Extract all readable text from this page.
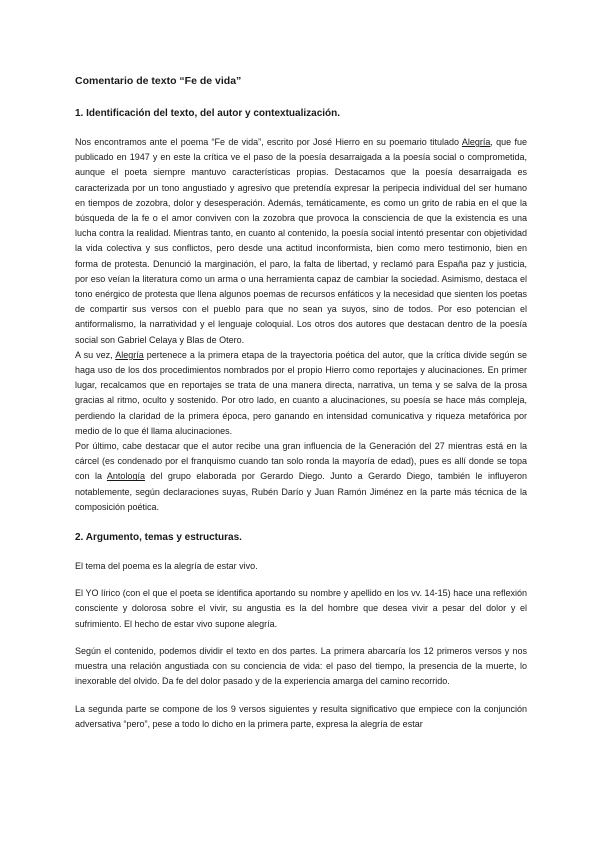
Comentario de texto “Fe de vida”
1. Identificación del texto, del autor y contextualización.

Nos encontramos ante el poema “Fe de vida”, escrito por José Hierro en su poemario titulado Alegría, que fue publicado en 1947 y en este la crítica ve el paso de la poesía desarraigada a la poesía social o comprometida, aunque el poeta siempre mantuvo características propias. Destacamos que la poesía desarraigada es caracterizada por un tono angustiado y agresivo que pretendía expresar la peripecia individual del ser humano en tiempos de zozobra, dolor y desesperación. Además, temáticamente, es como un grito de rabia en el que la búsqueda de la fe o el amor conviven con la zozobra que provoca la consciencia de que la existencia es una lucha contra la realidad. Mientras tanto, en cuanto al contenido, la poesía social intentó presentar con objetividad la vida colectiva y sus conflictos, pero desde una actitud inconformista, bien como mero testimonio, bien en forma de protesta. Denunció la marginación, el paro, la falta de libertad, y reclamó para España paz y justicia, por eso veían la literatura como un arma o una herramienta capaz de cambiar la sociedad. Asimismo, destaca el tono enérgico de protesta que llena algunos poemas de recursos enfáticos y la necesidad que sienten los poetas de compartir sus versos con el pueblo para que no sean ya suyos, sino de todos. Por eso potencian el antiformalismo, la narratividad y el lenguaje coloquial. Los otros dos autores que destacan dentro de la poesía social son Gabriel Celaya y Blas de Otero.

A su vez, Alegría pertenece a la primera etapa de la trayectoria poética del autor, que la crítica divide según se haga uso de los dos procedimientos nombrados por el propio Hierro como reportajes y alucinaciones. En primer lugar, recalcamos que en reportajes se trata de una manera directa, narrativa, un tema y se salva de la prosa gracias al ritmo, oculto y sostenido. Por otro lado, en cuanto a alucinaciones, su poesía se hace más compleja, perdiendo la claridad de la primera época, pero ganando en intensidad comunicativa y riqueza metafórica por medio de lo que él llama alucinaciones.

Por último, cabe destacar que el autor recibe una gran influencia de la Generación del 27 mientras está en la cárcel (es condenado por el franquismo cuando tan solo ronda la mayoría de edad), pues es allí donde se topa con la Antología del grupo elaborada por Gerardo Diego. Junto a Gerardo Diego, también le influyeron notablemente, según declaraciones suyas, Rubén Darío y Juan Ramón Jiménez en la parte más técnica de la composición poética.

2. Argumento, temas y estructuras.

El tema del poema es la alegría de estar vivo.

El YO lírico (con el que el poeta se identifica aportando su nombre y apellido en los vv. 14-15) hace una reflexión consciente y dolorosa sobre el vivir, su angustia es la del hombre que desea vivir a pesar del dolor y el sufrimiento. El hecho de estar vivo supone alegría.

Según el contenido, podemos dividir el texto en dos partes. La primera abarcaría los 12 primeros versos y nos muestra una relación angustiada con su conciencia de vida: el paso del tiempo, la presencia de la muerte, lo inexorable del olvido. Da fe del dolor pasado y de la experiencia amarga del camino recorrido.

La segunda parte se compone de los 9 versos siguientes y resulta significativo que empiece con la conjunción adversativa “pero”, pese a todo lo dicho en la primera parte, expresa la alegría de estar
